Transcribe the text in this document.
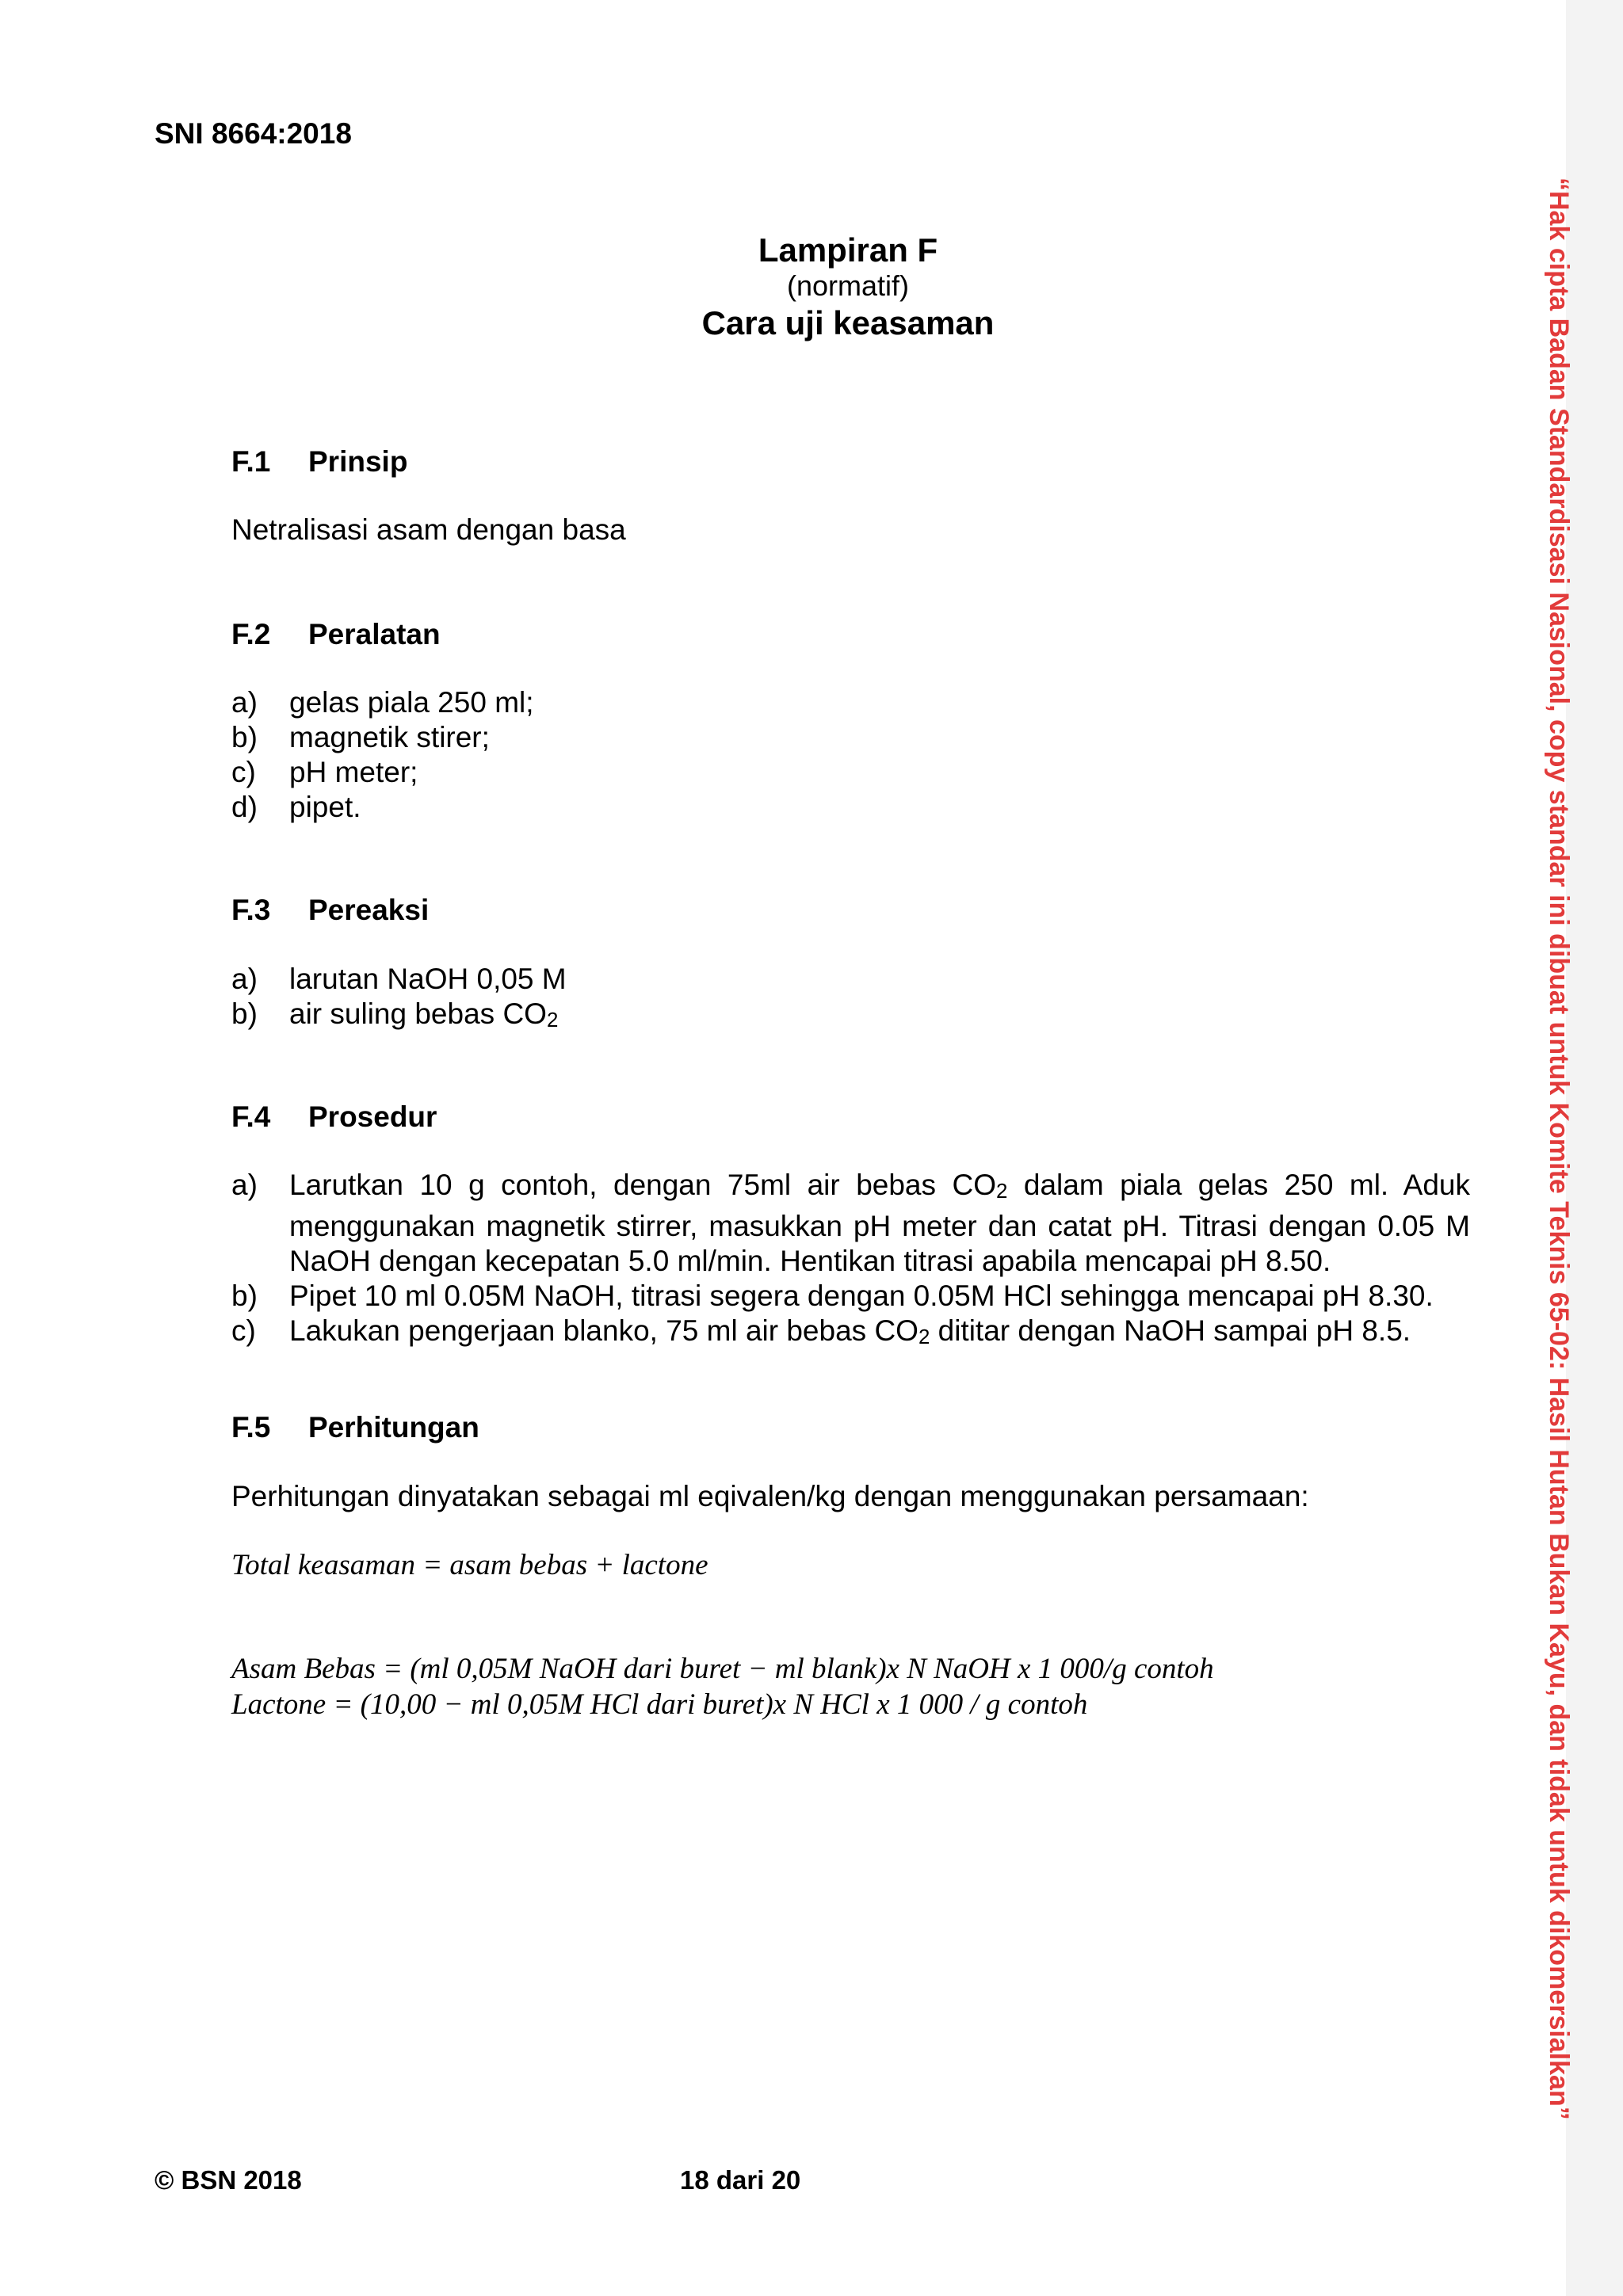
SNI 8664:2018
Lampiran F
(normatif)
Cara uji keasaman
F.1 Prinsip
Netralisasi asam dengan basa
F.2 Peralatan
a) gelas piala 250 ml;
b) magnetik stirer;
c) pH meter;
d) pipet.
F.3 Pereaksi
a) larutan NaOH 0,05 M
b) air suling bebas $CO_2$
F.4 Prosedur
a) Larutkan 10 g contoh, dengan 75ml air bebas $CO_2$ dalam piala gelas 250 ml. Aduk menggunakan magnetik stirrer, masukkan pH meter dan catat pH. Titrasi dengan 0.05 M NaOH dengan kecepatan 5.0 ml/min. Hentikan titrasi apabila mencapai pH 8.50.
b) Pipet 10 ml 0.05M NaOH, titrasi segera dengan 0.05M HCl sehingga mencapai pH 8.30.
c) Lakukan pengerjaan blanko, 75 ml air bebas $CO_2$ dititar dengan NaOH sampai pH 8.5.
F.5 Perhitungan
Perhitungan dinyatakan sebagai ml eqivalen/kg dengan menggunakan persamaan:
Total keasaman = asam bebas + lactone
Asam Bebas = (ml 0,05M NaOH dari buret − ml blank)x N NaOH x 1 000/g contoh
Lactone = (10,00 − ml 0,05M HCl dari buret)x N HCl x 1 000 / g contoh
© BSN 2018	18 dari 20
“Hak cipta Badan Standardisasi Nasional, copy standar ini dibuat untuk Komite Teknis 65-02: Hasil Hutan Bukan Kayu, dan tidak untuk dikomersialkan”
